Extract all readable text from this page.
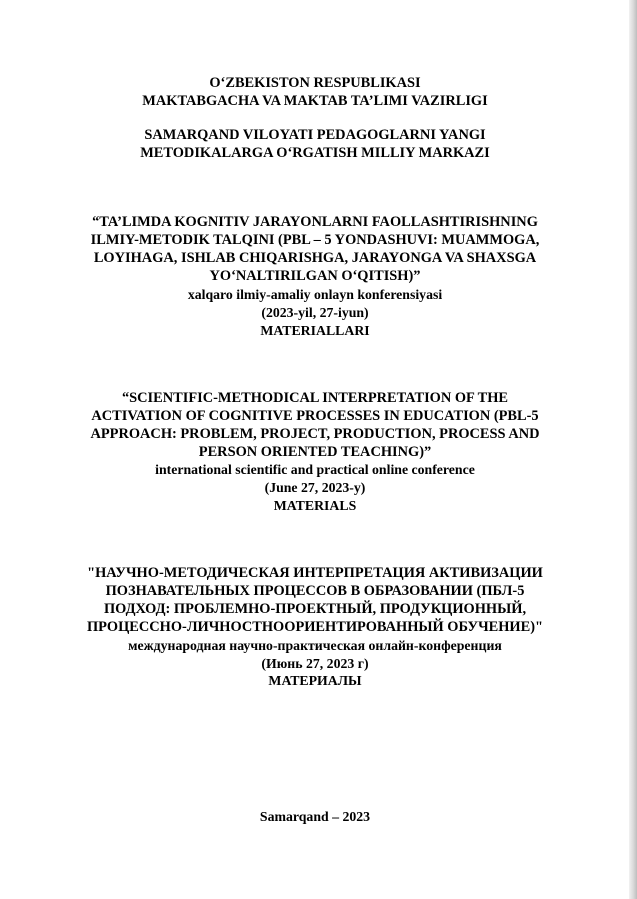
O‘ZBEKISTON RESPUBLIKASI
MAKTABGACHA VA MAKTAB TA’LIMI VAZIRLIGI
SAMARQAND VILOYATI PEDAGOGLARNI YANGI
METODIKALARGA O‘RGATISH MILLIY MARKAZI
“TA’LIMDA KOGNITIV JARAYONLARNI FAOLLASHTIRISHNING
ILMIY-METODIK TALQINI (PBL – 5 YONDASHUVI: MUAMMOGA,
LOYIHAGA, ISHLAB CHIQARISHGA, JARAYONGA VA SHAXSGA
YO‘NALTIRILGAN O‘QITISH)”
xalqaro ilmiy-amaliy onlayn konferensiyasi
(2023-yil, 27-iyun)
MATERIALLARI
“SCIENTIFIC-METHODICAL INTERPRETATION OF THE
ACTIVATION OF COGNITIVE PROCESSES IN EDUCATION (PBL-5
APPROACH: PROBLEM, PROJECT, PRODUCTION, PROCESS AND
PERSON ORIENTED TEACHING)”
international scientific and practical online conference
(June 27, 2023-y)
MATERIALS
"НАУЧНО-МЕТОДИЧЕСКАЯ ИНТЕРПРЕТАЦИЯ АКТИВИЗАЦИИ
ПОЗНАВАТЕЛЬНЫХ ПРОЦЕССОВ В ОБРАЗОВАНИИ (ПБЛ-5
ПОДХОД: ПРОБЛЕМНО-ПРОЕКТНЫЙ, ПРОДУКЦИОННЫЙ,
ПРОЦЕССНО-ЛИЧНОСТНООРИЕНТИРОВАННЫЙ ОБУЧЕНИЕ)"
международная научно-практическая онлайн-конференция
(Июнь 27, 2023 г)
МАТЕРИАЛЫ
Samarqand – 2023
